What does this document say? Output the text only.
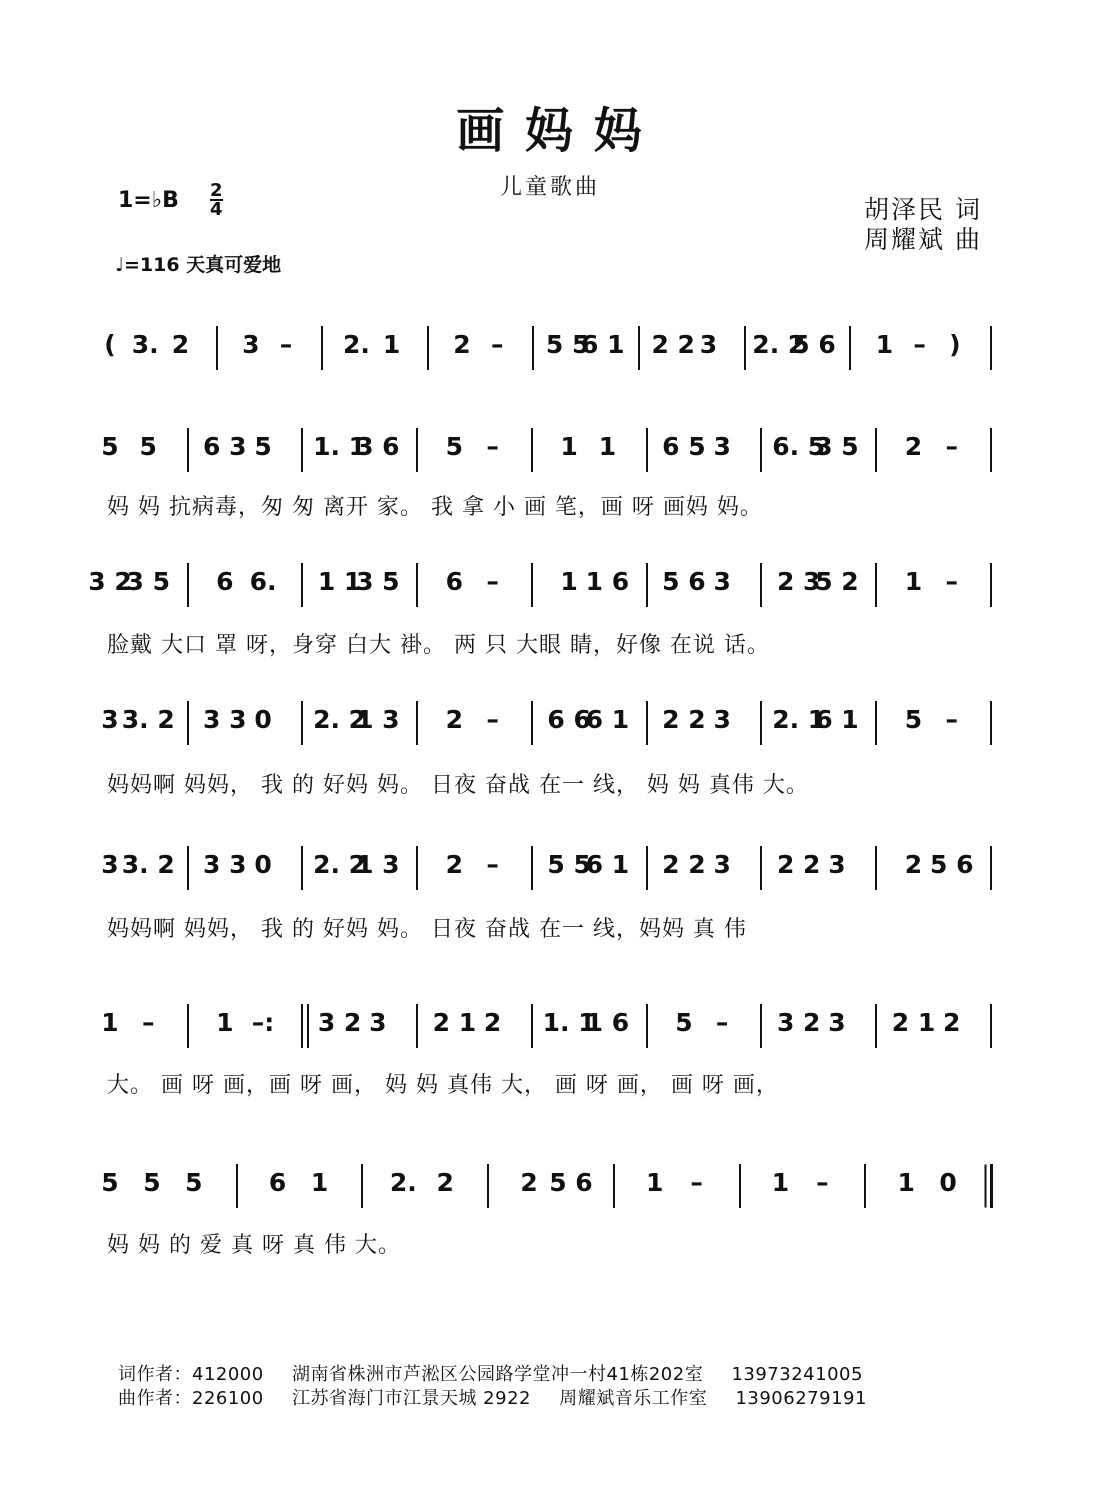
画 妈 妈
儿童歌曲
1=♭B 2
4
♩=116 天真可爱地
胡泽民 词
周耀斌 曲
( 3. 2 3 – 2. 1 2 – 5 5
6 1 2 2 3 2. 2
5 6 1 – )
5 5 6 3 5 1. 1
3 6 5 – 1 1 6 5 3 6. 5
3 5 2 –
妈 妈 抗病毒，匆 匆 离开 家。 我 拿 小 画 笔，画 呀 画妈 妈。
3 2
3 5 6 6. 1 1
3 5 6 – 1 1 6 5 6 3 2 3
5 2 1 –
脸戴 大口 罩 呀，身穿 白大 褂。 两 只 大眼 睛，好像 在说 话。
3 3. 2 3 3 0 2. 2
1 3 2 – 6 6
6 1 2 2 3 2. 1
6 1 5 –
妈妈啊 妈妈， 我 的 好妈 妈。 日夜 奋战 在一 线， 妈 妈 真伟 大。
3 3. 2 3 3 0 2. 2
1 3 2 – 5 5
6 1 2 2 3 2 2 3 2 5 6
妈妈啊 妈妈， 我 的 好妈 妈。 日夜 奋战 在一 线，妈妈 真 伟
1 – 1 –: 3 2 3 2 1 2 1. 1
1 6 5 – 3 2 3 2 1 2
大。 画 呀 画，画 呀 画， 妈 妈 真伟 大， 画 呀 画， 画 呀 画，
5 5 5	6 1 2. 2	2 5 6 1 –	1 –	1 0
妈 妈 的 爱 真 呀 真 伟 大。
词作者：412000 湖南省株洲市芦淞区公园路学堂冲一村41栋202室 13973241005
曲作者：226100 江苏省海门市江景天城 2922 周耀斌音乐工作室 13906279191
